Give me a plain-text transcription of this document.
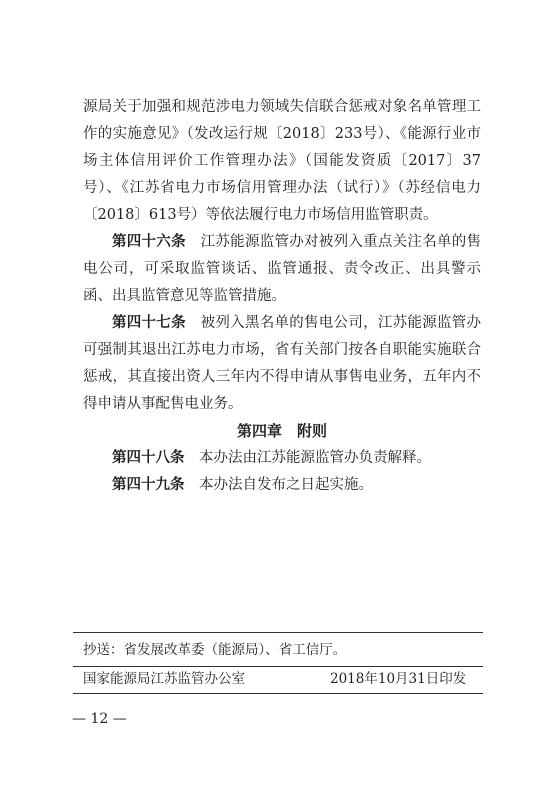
源局关于加强和规范涉电力领域失信联合惩戒对象名单管理工作的实施意见》（发改运行规〔2018〕233号）、《能源行业市场主体信用评价工作管理办法》（国能发资质〔2017〕37号）、《江苏省电力市场信用管理办法（试行）》（苏经信电力〔2018〕613号）等依法履行电力市场信用监管职责。

第四十六条　 江苏能源监管办对被列入重点关注名单的售电公司，可采取监管谈话、监管通报、责令改正、出具警示函、出具监管意见等监管措施。

第四十七条　 被列入黑名单的售电公司，江苏能源监管办可强制其退出江苏电力市场，省有关部门按各自职能实施联合惩戒，其直接出资人三年内不得申请从事售电业务，五年内不得申请从事配售电业务。

第四章　附则

第四十八条　 本办法由江苏能源监管办负责解释。

第四十九条　 本办法自发布之日起实施。

抄送：省发展改革委（能源局）、省工信厅。
国家能源局江苏监管办公室	2018年10月31日印发
— 12 —
